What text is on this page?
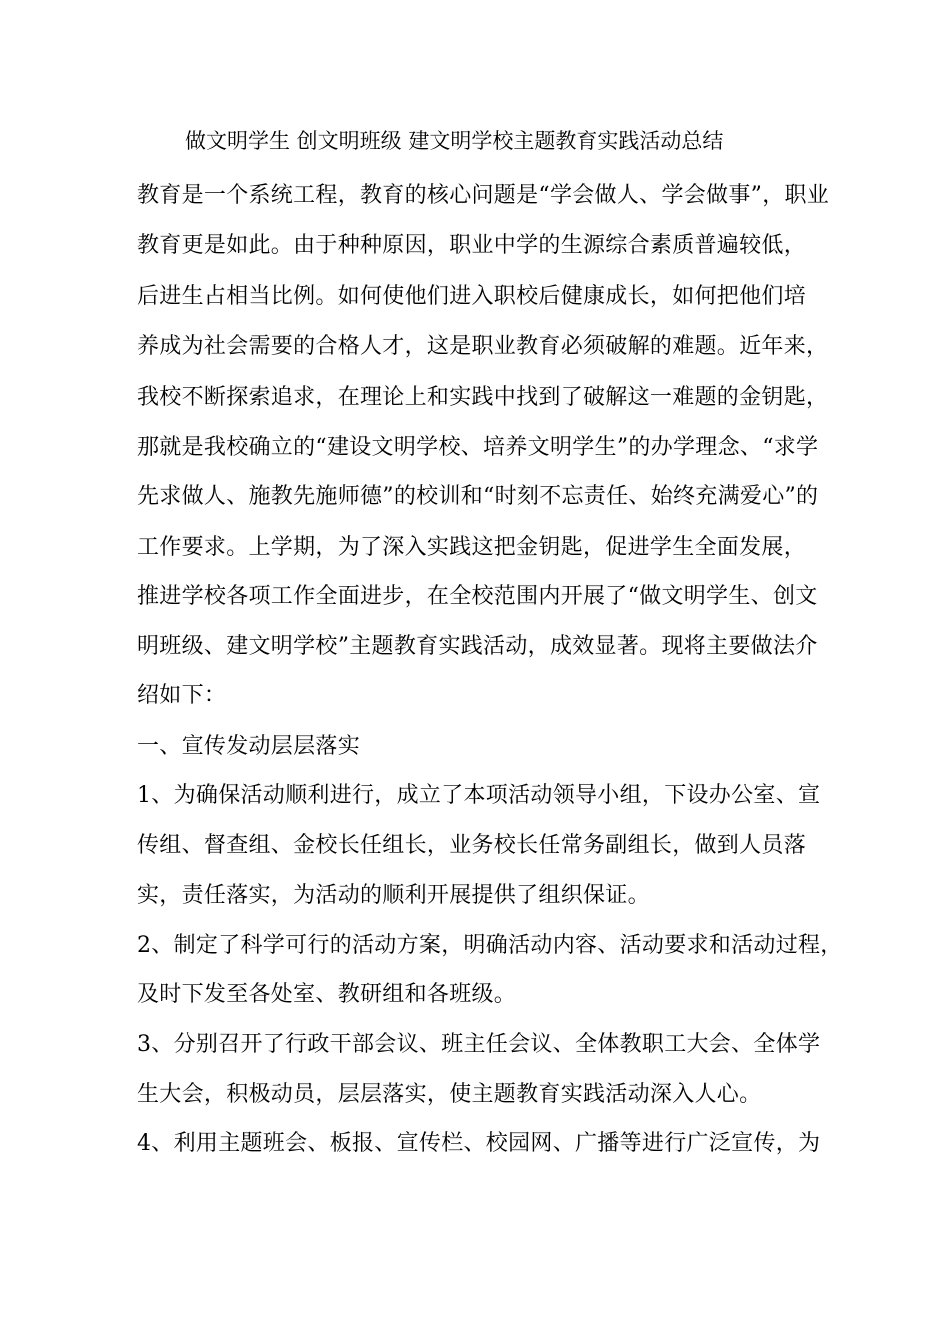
做文明学生 创文明班级 建文明学校主题教育实践活动总结
教育是一个系统工程，教育的核心问题是“学会做人、学会做事”，职业
教育更是如此。由于种种原因，职业中学的生源综合素质普遍较低，
后进生占相当比例。如何使他们进入职校后健康成长，如何把他们培
养成为社会需要的合格人才，这是职业教育必须破解的难题。近年来，
我校不断探索追求，在理论上和实践中找到了破解这一难题的金钥匙，
那就是我校确立的“建设文明学校、培养文明学生”的办学理念、“求学
先求做人、施教先施师德”的校训和“时刻不忘责任、始终充满爱心”的
工作要求。上学期，为了深入实践这把金钥匙，促进学生全面发展，
推进学校各项工作全面进步，在全校范围内开展了“做文明学生、创文
明班级、建文明学校”主题教育实践活动，成效显著。现将主要做法介
绍如下：
一、宣传发动层层落实
1、为确保活动顺利进行，成立了本项活动领导小组，下设办公室、宣
传组、督查组、金校长任组长，业务校长任常务副组长，做到人员落
实，责任落实，为活动的顺利开展提供了组织保证。
2、制定了科学可行的活动方案，明确活动内容、活动要求和活动过程，
及时下发至各处室、教研组和各班级。
3、分别召开了行政干部会议、班主任会议、全体教职工大会、全体学
生大会，积极动员，层层落实，使主题教育实践活动深入人心。
4、利用主题班会、板报、宣传栏、校园网、广播等进行广泛宣传，为
